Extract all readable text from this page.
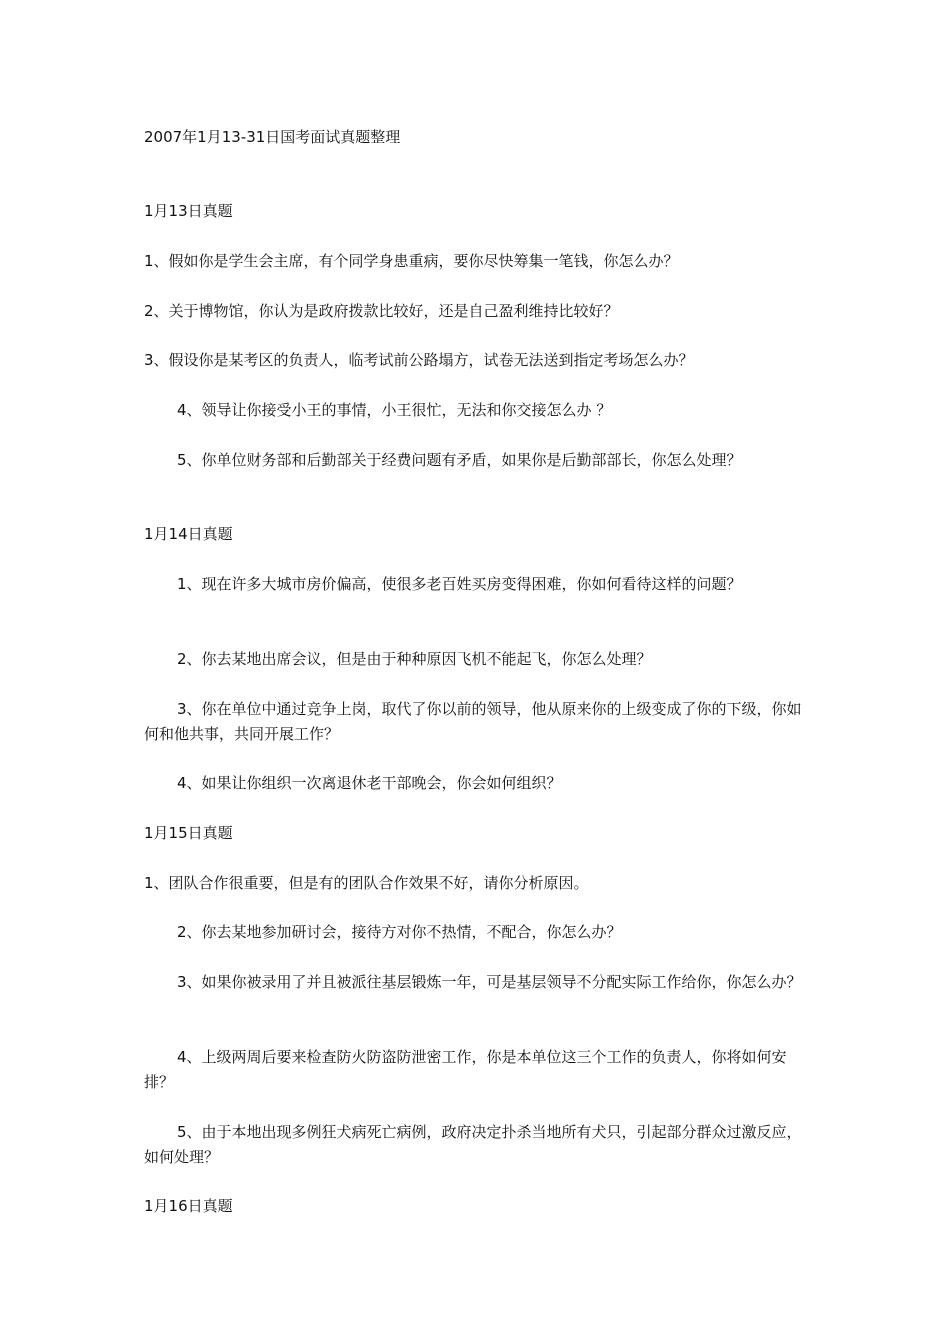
2007年1月13-31日国考面试真题整理
1月13日真题
1、假如你是学生会主席，有个同学身患重病，要你尽快筹集一笔钱，你怎么办？
2、关于博物馆，你认为是政府拨款比较好，还是自己盈利维持比较好？
3、假设你是某考区的负责人，临考试前公路塌方，试卷无法送到指定考场怎么办？
4、领导让你接受小王的事情，小王很忙，无法和你交接怎么办 ？
5、你单位财务部和后勤部关于经费问题有矛盾，如果你是后勤部部长，你怎么处理？
1月14日真题
1、现在许多大城市房价偏高，使很多老百姓买房变得困难，你如何看待这样的问题？
2、你去某地出席会议，但是由于种种原因飞机不能起飞，你怎么处理？
3、你在单位中通过竞争上岗，取代了你以前的领导，他从原来你的上级变成了你的下级，你如何和他共事，共同开展工作？
4、如果让你组织一次离退休老干部晚会，你会如何组织？
1月15日真题
1、团队合作很重要，但是有的团队合作效果不好，请你分析原因。
2、你去某地参加研讨会，接待方对你不热情，不配合，你怎么办？
3、如果你被录用了并且被派往基层锻炼一年，可是基层领导不分配实际工作给你，你怎么办？
4、上级两周后要来检查防火防盗防泄密工作，你是本单位这三个工作的负责人，你将如何安排？
5、由于本地出现多例狂犬病死亡病例，政府决定扑杀当地所有犬只，引起部分群众过激反应，如何处理？
1月16日真题
